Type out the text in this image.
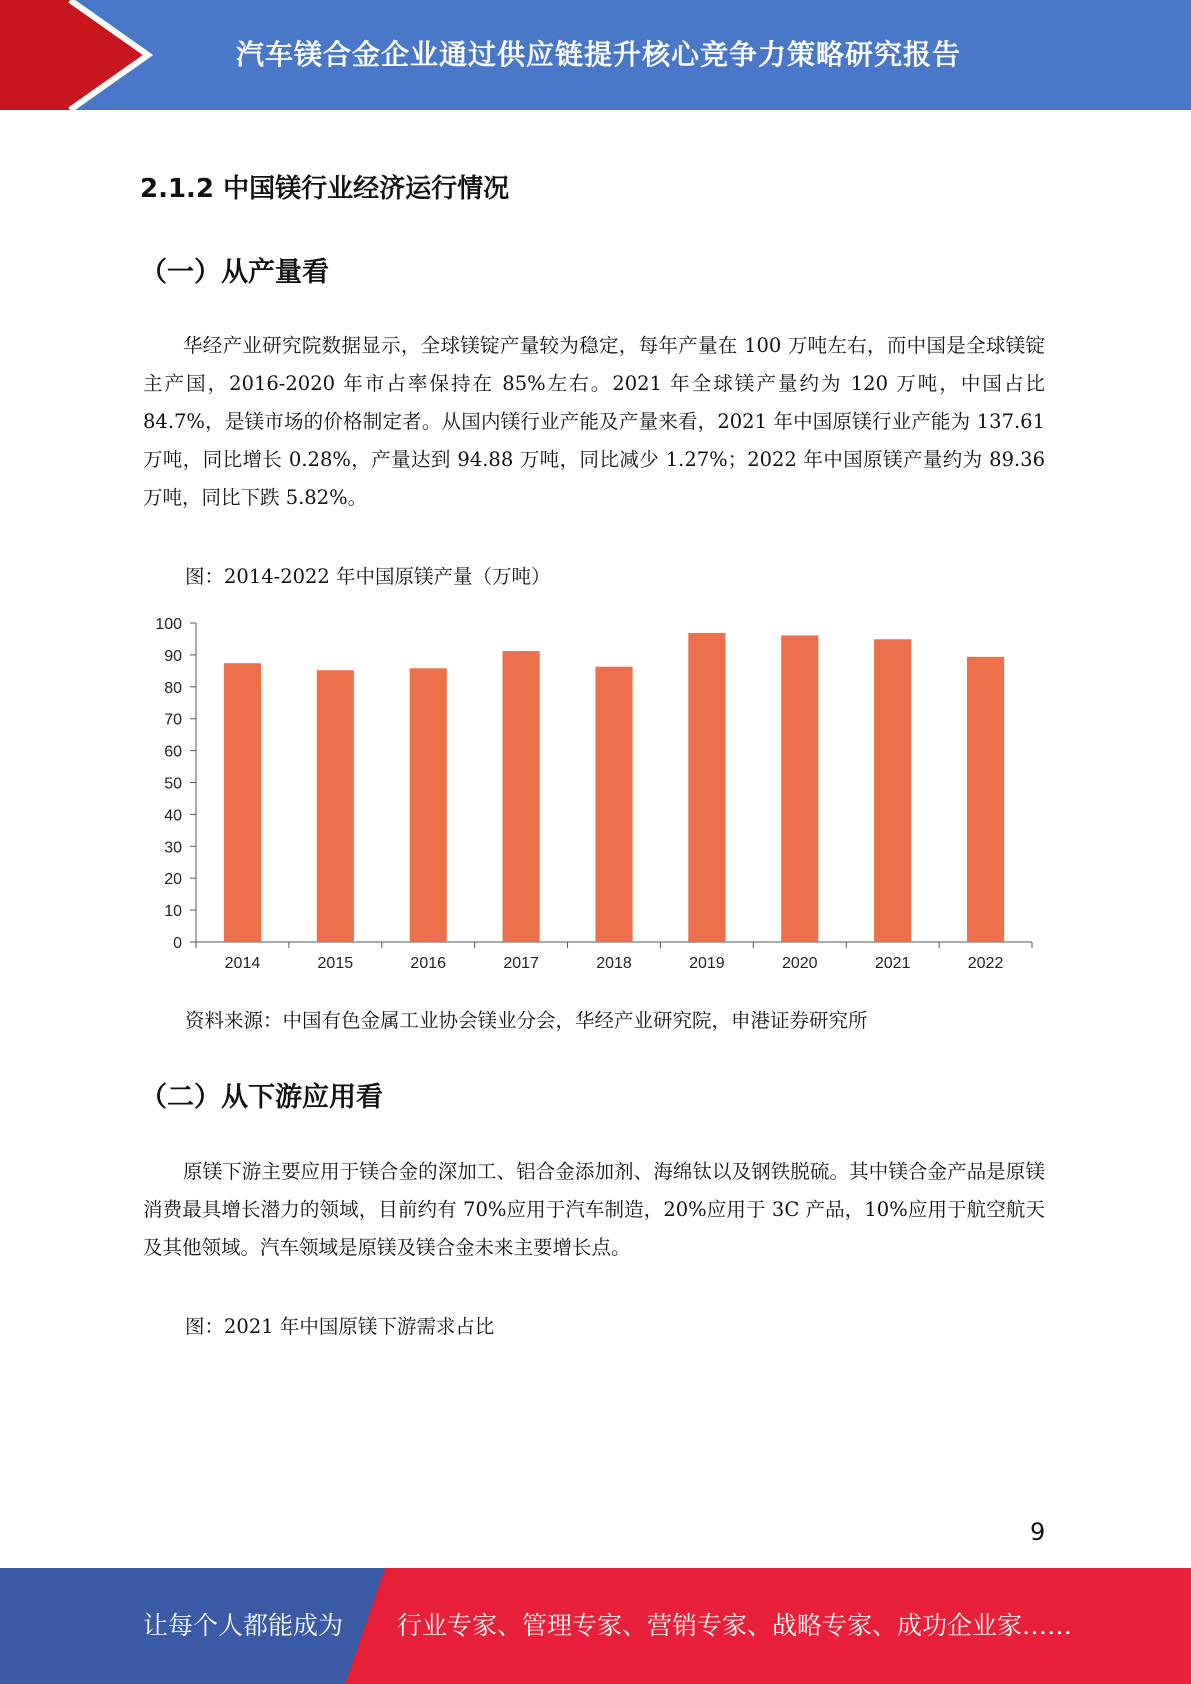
汽车镁合金企业通过供应链提升核心竞争力策略研究报告
2.1.2 中国镁行业经济运行情况
（一）从产量看

华经产业研究院数据显示，全球镁锭产量较为稳定，每年产量在 100 万吨左右，而中国是全球镁锭主产国，2016-2020 年市占率保持在 85%左右。2021 年全球镁产量约为 120 万吨，中国占比 84.7%，是镁市场的价格制定者。从国内镁行业产能及产量来看，2021 年中国原镁行业产能为 137.61 万吨，同比增长 0.28%，产量达到 94.88 万吨，同比减少 1.27%；2022 年中国原镁产量约为 89.36 万吨，同比下跌 5.82%。

图：2014-2022 年中国原镁产量（万吨）
0
10
20
30
40
50
60
70
80
90
100
2014	2015	2016	2017	2018	2019	2020	2021	2022
资料来源：中国有色金属工业协会镁业分会，华经产业研究院，申港证券研究所
（二）从下游应用看

原镁下游主要应用于镁合金的深加工、铝合金添加剂、海绵钛以及钢铁脱硫。其中镁合金产品是原镁消费最具增长潜力的领域，目前约有 70%应用于汽车制造，20%应用于 3C 产品，10%应用于航空航天及其他领域。汽车领域是原镁及镁合金未来主要增长点。

图：2021 年中国原镁下游需求占比
9
让每个人都能成为 行业专家、管理专家、营销专家、战略专家、成功企业家……
